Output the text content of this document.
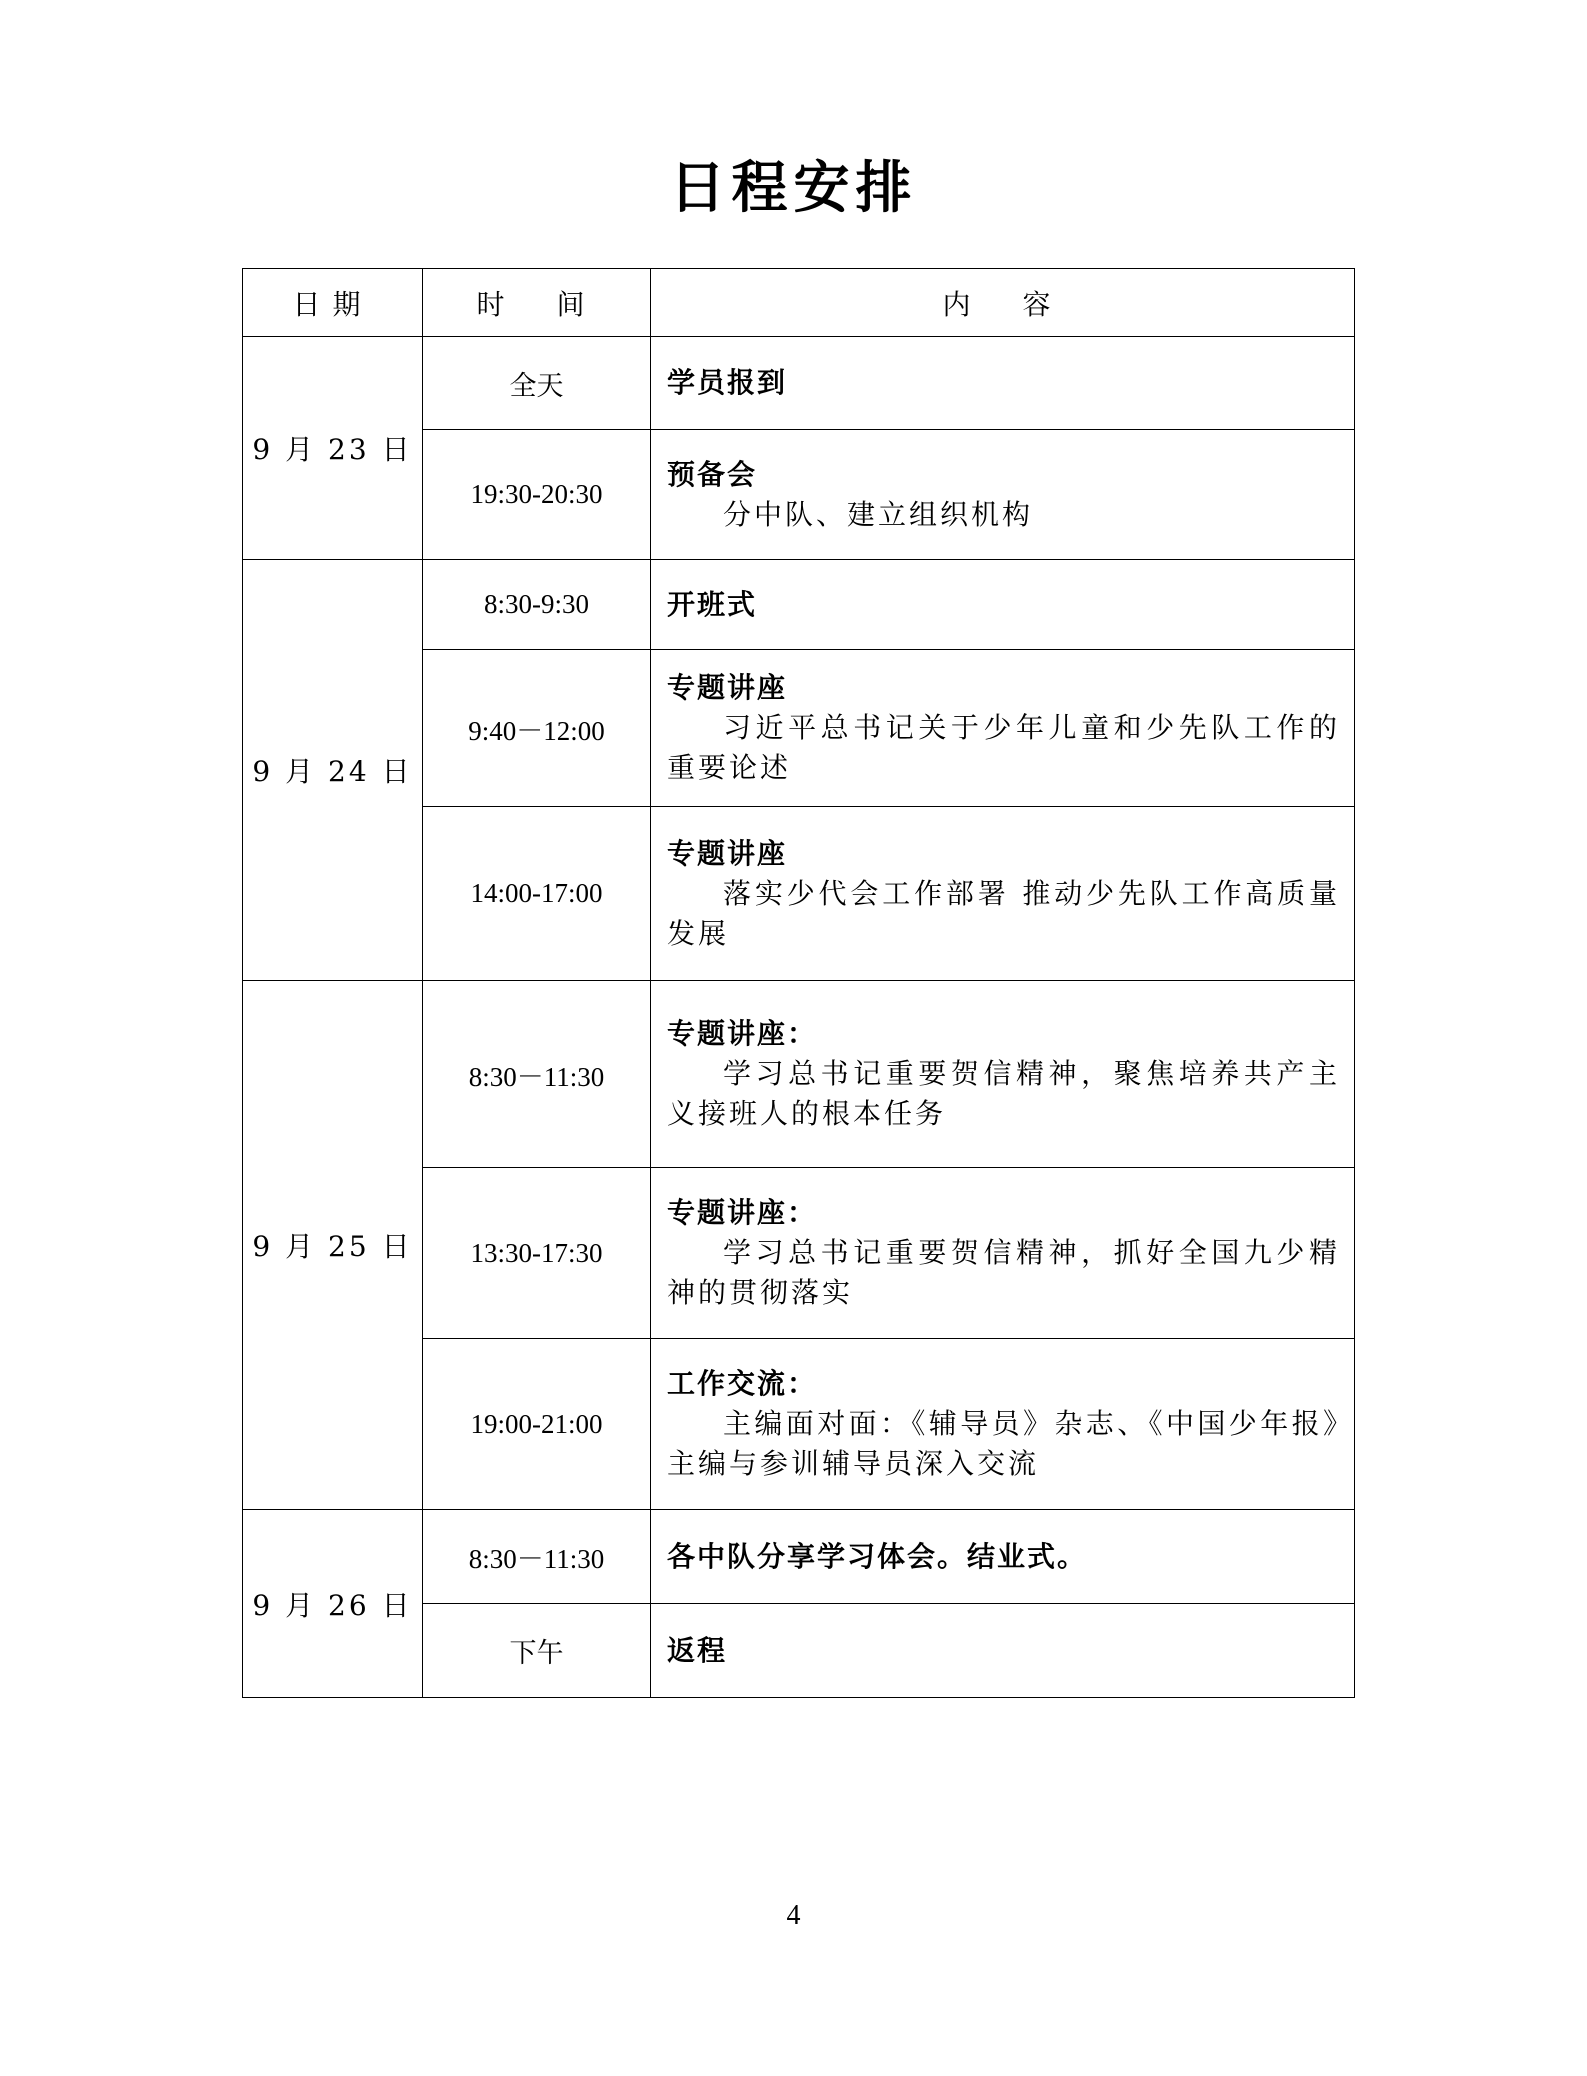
日程安排
日期	时　间	内　容
9 月 23 日	全天	学员报到

	19:30-20:30	预备会
分中队、建立组织机构

9 月 24 日	8:30-9:30	开班式

	9:40－12:00	专题讲座
习近平总书记关于少年儿童和少先队工作的重要论述

	14:00-17:00	专题讲座
落实少代会工作部署 推动少先队工作高质量发展

9 月 25 日	8:30－11:30	专题讲座：
学习总书记重要贺信精神，聚焦培养共产主义接班人的根本任务

	13:30-17:30	专题讲座：
学习总书记重要贺信精神，抓好全国九少精神的贯彻落实

	19:00-21:00	工作交流：
主编面对面：《辅导员》杂志、《中国少年报》主编与参训辅导员深入交流

9 月 26 日	8:30－11:30	各中队分享学习体会。结业式。

	下午	返程
4
